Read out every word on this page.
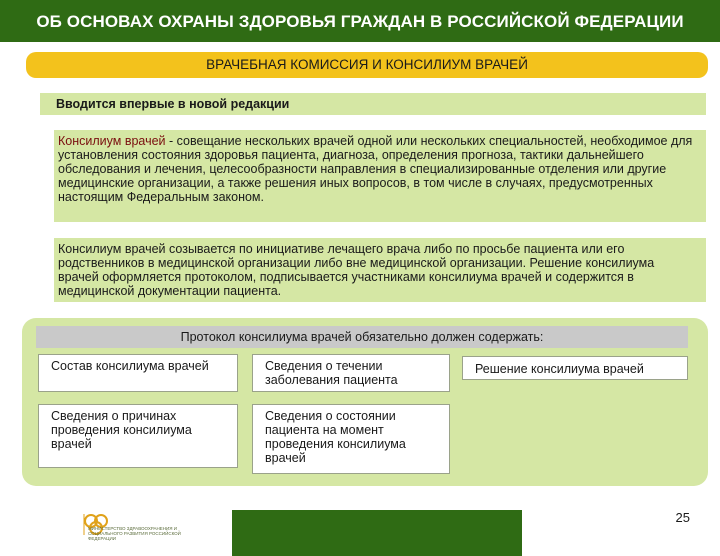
ОБ ОСНОВАХ ОХРАНЫ ЗДОРОВЬЯ ГРАЖДАН В РОССИЙСКОЙ ФЕДЕРАЦИИ
ВРАЧЕБНАЯ КОМИССИЯ И КОНСИЛИУМ ВРАЧЕЙ
Вводится впервые в новой редакции
Консилиум врачей - совещание нескольких врачей одной или нескольких специальностей, необходимое для установления состояния здоровья пациента, диагноза, определения прогноза, тактики дальнейшего обследования и лечения, целесообразности направления в специализированные отделения или другие медицинские организации, а также решения иных вопросов, в том числе в случаях, предусмотренных настоящим Федеральным законом.
Консилиум врачей созывается по инициативе лечащего врача либо по просьбе пациента или его родственников в медицинской организации либо вне медицинской организации. Решение консилиума врачей оформляется протоколом, подписывается участниками консилиума врачей и содержится в медицинской документации пациента.
Протокол консилиума врачей обязательно должен содержать:
Состав консилиума врачей	Сведения о течении заболевания пациента
Решение консилиума врачей
Сведения о причинах проведения консилиума врачей
Сведения о состоянии пациента на момент проведения консилиума врачей
МИНИСТЕРСТВО ЗДРАВООХРАНЕНИЯ И СОЦИАЛЬНОГО РАЗВИТИЯ РОССИЙСКОЙ ФЕДЕРАЦИИ
25
